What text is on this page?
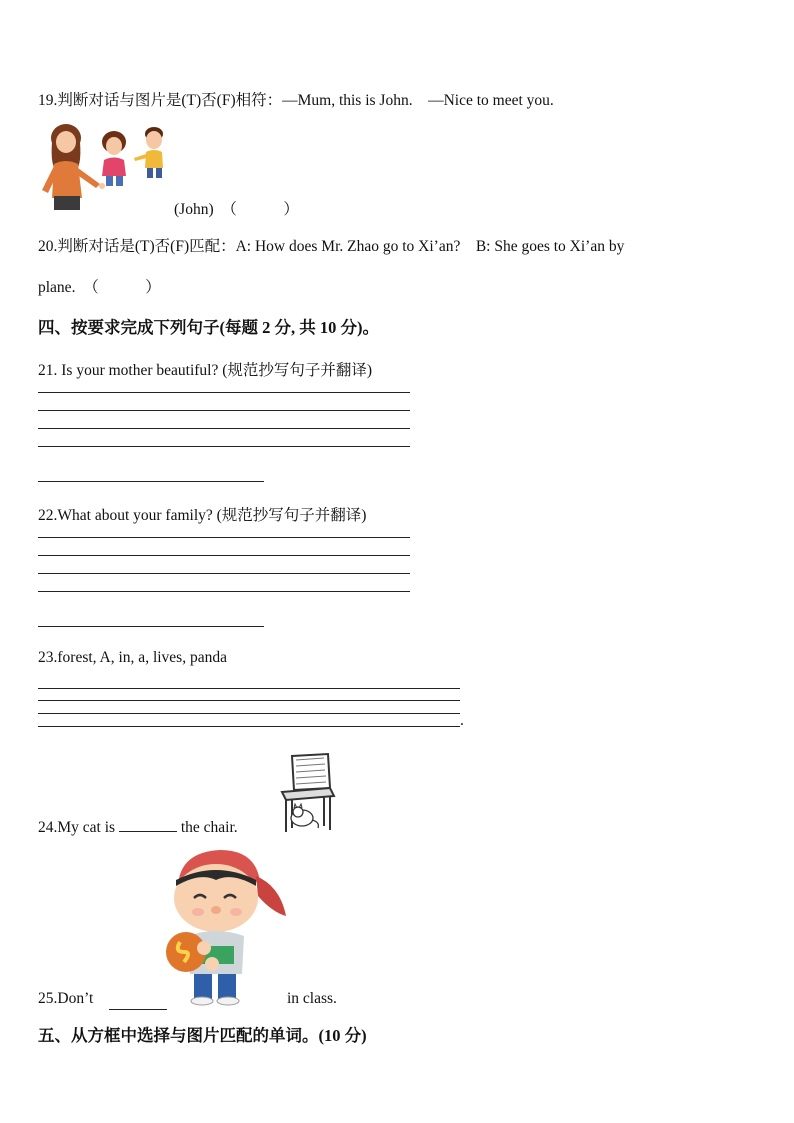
19.判断对话与图片是(T)否(F)相符：—Mum, this is John.　—Nice to meet you.
(John)　（　　　）
20.判断对话是(T)否(F)匹配：A: How does Mr. Zhao go to Xi’an?　B: She goes to Xi’an by
plane.　（　　　）
四、按要求完成下列句子(每题 2 分, 共 10 分)。
21. Is your mother beautiful? (规范抄写句子并翻译)
22.What about your family? (规范抄写句子并翻译)
23.forest, A, in, a, lives, panda
.
24.My cat is	the chair.
25.Don’t	in class.
五、从方框中选择与图片匹配的单词。(10 分)
